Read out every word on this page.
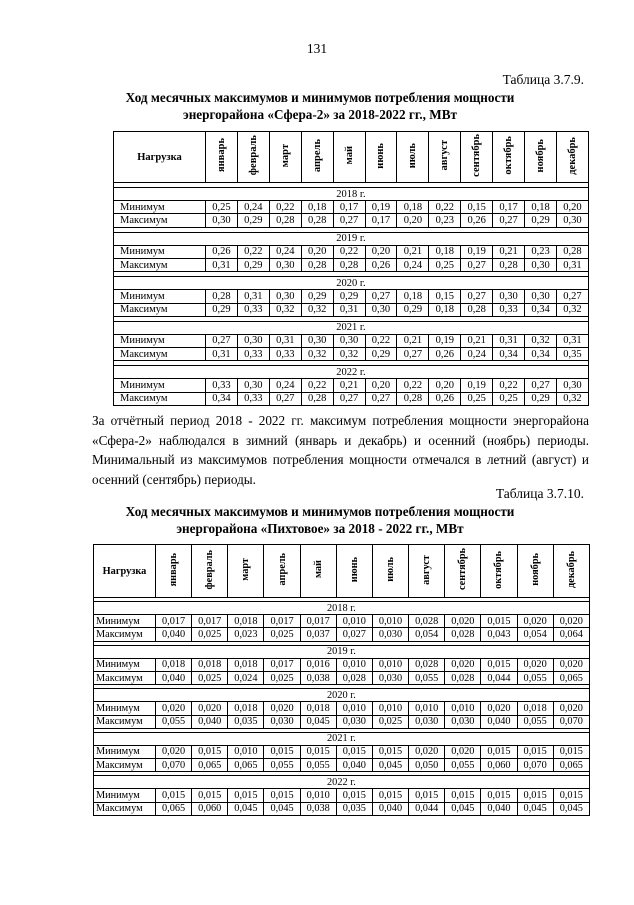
131
Таблица 3.7.9.
Ход месячных максимумов и минимумов потребления мощности
энергорайона «Сфера-2» за 2018-2022 гг., МВт
Нагрузка	январь	февраль	март	апрель	май	июнь	июль	август	сентябрь	октябрь	ноябрь	декабрь

2018 г.												
Минимум	0,25	0,24	0,22	0,18	0,17	0,19	0,18	0,22	0,15	0,17	0,18	0,20
Максимум	0,30	0,29	0,28	0,28	0,27	0,17	0,20	0,23	0,26	0,27	0,29	0,30

2019 г.												
Минимум	0,26	0,22	0,24	0,20	0,22	0,20	0,21	0,18	0,19	0,21	0,23	0,28
Максимум	0,31	0,29	0,30	0,28	0,28	0,26	0,24	0,25	0,27	0,28	0,30	0,31

2020 г.												
Минимум	0,28	0,31	0,30	0,29	0,29	0,27	0,18	0,15	0,27	0,30	0,30	0,27
Максимум	0,29	0,33	0,32	0,32	0,31	0,30	0,29	0,18	0,28	0,33	0,34	0,32

2021 г.												
Минимум	0,27	0,30	0,31	0,30	0,30	0,22	0,21	0,19	0,21	0,31	0,32	0,31
Максимум	0,31	0,33	0,33	0,32	0,32	0,29	0,27	0,26	0,24	0,34	0,34	0,35

2022 г.												
Минимум	0,33	0,30	0,24	0,22	0,21	0,20	0,22	0,20	0,19	0,22	0,27	0,30
Максимум	0,34	0,33	0,27	0,28	0,27	0,27	0,28	0,26	0,25	0,25	0,29	0,32
За отчётный период 2018 - 2022 гг. максимум потребления мощности энергорайона «Сфера-2» наблюдался в зимний (январь и декабрь) и осенний (ноябрь) периоды. Минимальный из максимумов потребления мощности отмечался в летний (август) и осенний (сентябрь) периоды.
Таблица 3.7.10.
Ход месячных максимумов и минимумов потребления мощности
энергорайона «Пихтовое» за 2018 - 2022 гг., МВт
Нагрузка	январь	февраль	март	апрель	май	июнь	июль	август	сентябрь	октябрь	ноябрь	декабрь

2018 г.												
Минимум	0,017	0,017	0,018	0,017	0,017	0,010	0,010	0,028	0,020	0,015	0,020	0,020
Максимум	0,040	0,025	0,023	0,025	0,037	0,027	0,030	0,054	0,028	0,043	0,054	0,064

2019 г.												
Минимум	0,018	0,018	0,018	0,017	0,016	0,010	0,010	0,028	0,020	0,015	0,020	0,020
Максимум	0,040	0,025	0,024	0,025	0,038	0,028	0,030	0,055	0,028	0,044	0,055	0,065

2020 г.												
Минимум	0,020	0,020	0,018	0,020	0,018	0,010	0,010	0,010	0,010	0,020	0,018	0,020
Максимум	0,055	0,040	0,035	0,030	0,045	0,030	0,025	0,030	0,030	0,040	0,055	0,070

2021 г.												
Минимум	0,020	0,015	0,010	0,015	0,015	0,015	0,015	0,020	0,020	0,015	0,015	0,015
Максимум	0,070	0,065	0,065	0,055	0,055	0,040	0,045	0,050	0,055	0,060	0,070	0,065

2022 г.												
Минимум	0,015	0,015	0,015	0,015	0,010	0,015	0,015	0,015	0,015	0,015	0,015	0,015
Максимум	0,065	0,060	0,045	0,045	0,038	0,035	0,040	0,044	0,045	0,040	0,045	0,045
